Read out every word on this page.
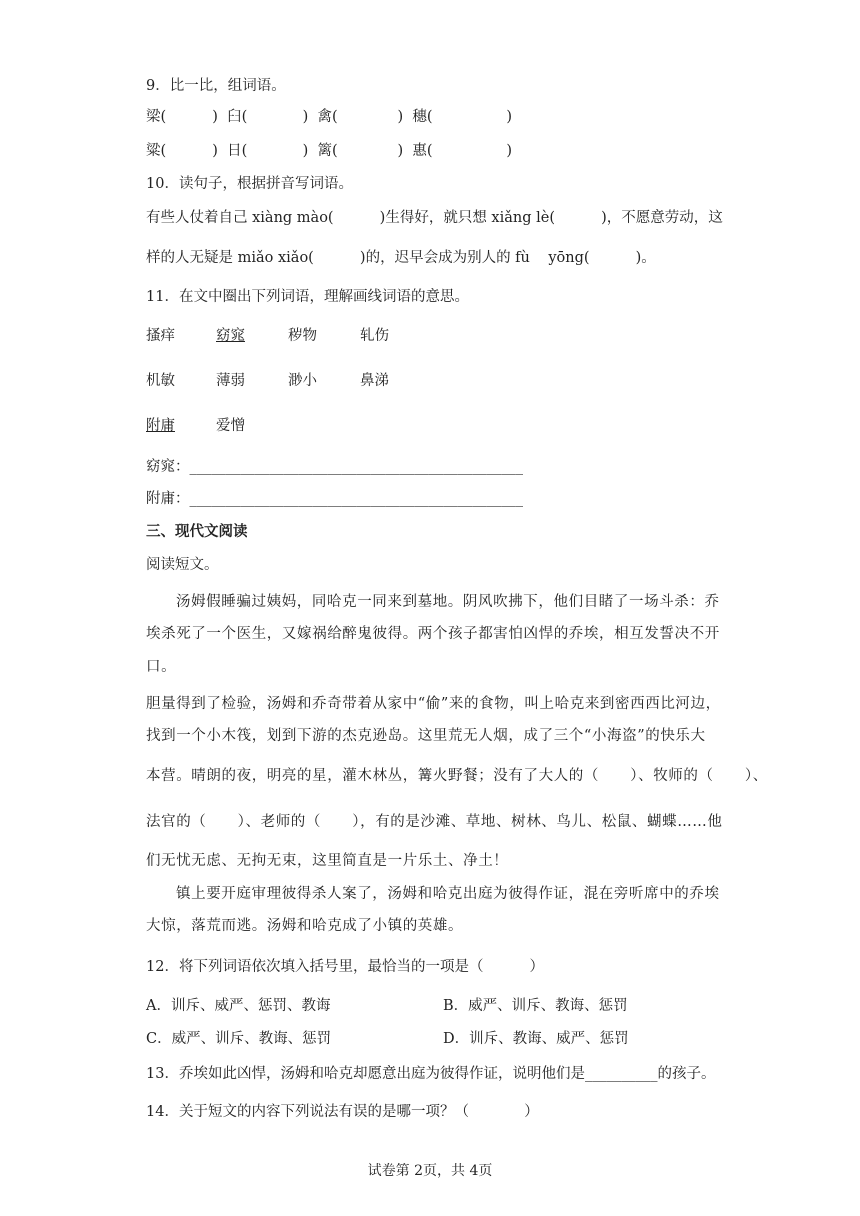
9．比一比，组词语。
梁(          )  臼(            )  禽(             )  穗(                )
粱(          )  日(            )  篱(             )  惠(                )
10．读句子，根据拼音写词语。
有些人仗着自己 xiàng mào(          )生得好，就只想 xiǎng lè(          )，不愿意劳动，这
样的人无疑是 miǎo xiǎo(          )的，迟早会成为别人的 fù    yōng(          )。
11．在文中圈出下列词语，理解画线词语的意思。
搔痒	窈窕	秽物	轧伤
机敏	薄弱	渺小	鼻涕
附庸	爱憎
窈窕：______________________________________________
附庸：______________________________________________
三、现代文阅读
阅读短文。
汤姆假睡骗过姨妈，同哈克一同来到墓地。阴风吹拂下，他们目睹了一场斗杀：乔
埃杀死了一个医生，又嫁祸给醉鬼彼得。两个孩子都害怕凶悍的乔埃，相互发誓决不开
口。
胆量得到了检验，汤姆和乔奇带着从家中“偷”来的食物，叫上哈克来到密西西比河边，
找到一个小木筏，划到下游的杰克逊岛。这里荒无人烟，成了三个“小海盗”的快乐大
本营。晴朗的夜，明亮的星，灌木林丛，篝火野餐；没有了大人的（      ）、牧师的（      ）、
法官的（      ）、老师的（      ），有的是沙滩、草地、树林、鸟儿、松鼠、蝴蝶……他
们无忧无虑、无拘无束，这里简直是一片乐土、净土！
镇上要开庭审理彼得杀人案了，汤姆和哈克出庭为彼得作证，混在旁听席中的乔埃
大惊，落荒而逃。汤姆和哈克成了小镇的英雄。
12．将下列词语依次填入括号里，最恰当的一项是（          ）
A．训斥、威严、惩罚、教诲	B．威严、训斥、教诲、惩罚
C．威严、训斥、教诲、惩罚	D．训斥、教诲、威严、惩罚
13．乔埃如此凶悍，汤姆和哈克却愿意出庭为彼得作证，说明他们是__________的孩子。
14．关于短文的内容下列说法有误的是哪一项？（            ）
试卷第 2页，共 4页
